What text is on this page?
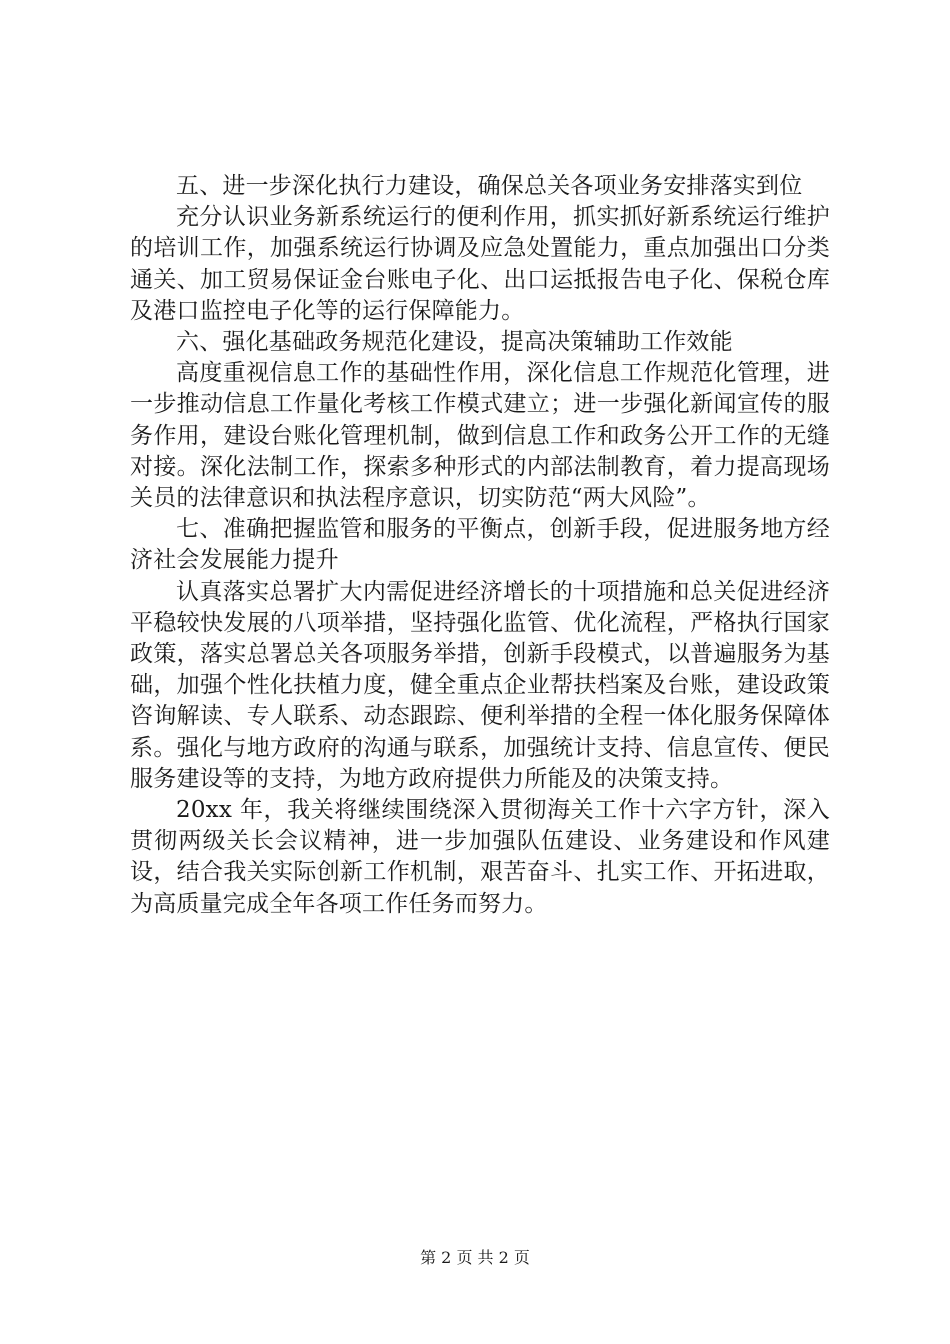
五、进一步深化执行力建设，确保总关各项业务安排落实到位

充分认识业务新系统运行的便利作用，抓实抓好新系统运行维护的培训工作，加强系统运行协调及应急处置能力，重点加强出口分类通关、加工贸易保证金台账电子化、出口运抵报告电子化、保税仓库及港口监控电子化等的运行保障能力。

六、强化基础政务规范化建设，提高决策辅助工作效能

高度重视信息工作的基础性作用，深化信息工作规范化管理，进一步推动信息工作量化考核工作模式建立；进一步强化新闻宣传的服务作用，建设台账化管理机制，做到信息工作和政务公开工作的无缝对接。深化法制工作，探索多种形式的内部法制教育，着力提高现场关员的法律意识和执法程序意识，切实防范“两大风险”。

七、准确把握监管和服务的平衡点，创新手段，促进服务地方经济社会发展能力提升

认真落实总署扩大内需促进经济增长的十项措施和总关促进经济平稳较快发展的八项举措，坚持强化监管、优化流程，严格执行国家政策，落实总署总关各项服务举措，创新手段模式，以普遍服务为基础，加强个性化扶植力度，健全重点企业帮扶档案及台账，建设政策咨询解读、专人联系、动态跟踪、便利举措的全程一体化服务保障体系。强化与地方政府的沟通与联系，加强统计支持、信息宣传、便民服务建设等的支持，为地方政府提供力所能及的决策支持。

20xx 年，我关将继续围绕深入贯彻海关工作十六字方针，深入贯彻两级关长会议精神，进一步加强队伍建设、业务建设和作风建设，结合我关实际创新工作机制，艰苦奋斗、扎实工作、开拓进取，为高质量完成全年各项工作任务而努力。

第 2 页 共 2 页
